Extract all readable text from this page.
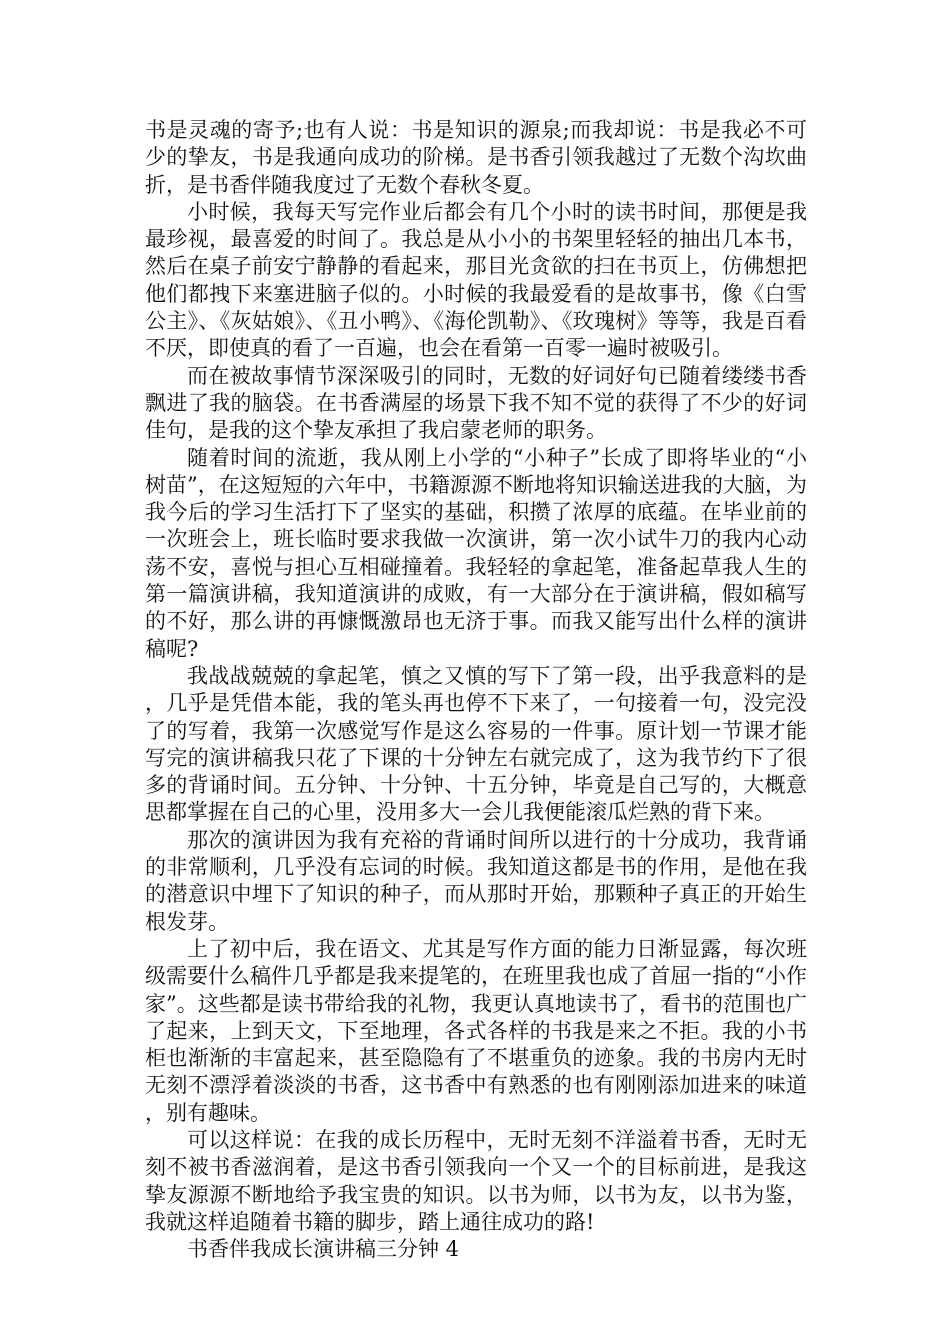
书是灵魂的寄予;也有人说：书是知识的源泉;而我却说：书是我必不可少的挚友，书是我通向成功的阶梯。是书香引领我越过了无数个沟坎曲折，是书香伴随我度过了无数个春秋冬夏。

小时候，我每天写完作业后都会有几个小时的读书时间，那便是我最珍视，最喜爱的时间了。我总是从小小的书架里轻轻的抽出几本书，然后在桌子前安宁静静的看起来，那目光贪欲的扫在书页上，仿佛想把他们都拽下来塞进脑子似的。小时候的我最爱看的是故事书，像《白雪公主》、《灰姑娘》、《丑小鸭》、《海伦凯勒》、《玫瑰树》等等，我是百看不厌，即使真的看了一百遍，也会在看第一百零一遍时被吸引。

而在被故事情节深深吸引的同时，无数的好词好句已随着缕缕书香飘进了我的脑袋。在书香满屋的场景下我不知不觉的获得了不少的好词佳句，是我的这个挚友承担了我启蒙老师的职务。

随着时间的流逝，我从刚上小学的“小种子”长成了即将毕业的“小树苗”，在这短短的六年中，书籍源源不断地将知识输送进我的大脑，为我今后的学习生活打下了坚实的基础，积攒了浓厚的底蕴。在毕业前的一次班会上，班长临时要求我做一次演讲，第一次小试牛刀的我内心动荡不安，喜悦与担心互相碰撞着。我轻轻的拿起笔，准备起草我人生的第一篇演讲稿，我知道演讲的成败，有一大部分在于演讲稿，假如稿写的不好，那么讲的再慷慨激昂也无济于事。而我又能写出什么样的演讲稿呢?

我战战兢兢的拿起笔，慎之又慎的写下了第一段，出乎我意料的是，几乎是凭借本能，我的笔头再也停不下来了，一句接着一句，没完没了的写着，我第一次感觉写作是这么容易的一件事。原计划一节课才能写完的演讲稿我只花了下课的十分钟左右就完成了，这为我节约下了很多的背诵时间。五分钟、十分钟、十五分钟，毕竟是自己写的，大概意思都掌握在自己的心里，没用多大一会儿我便能滚瓜烂熟的背下来。

那次的演讲因为我有充裕的背诵时间所以进行的十分成功，我背诵的非常顺利，几乎没有忘词的时候。我知道这都是书的作用，是他在我的潜意识中埋下了知识的种子，而从那时开始，那颗种子真正的开始生根发芽。

上了初中后，我在语文、尤其是写作方面的能力日渐显露，每次班级需要什么稿件几乎都是我来提笔的，在班里我也成了首屈一指的“小作家”。这些都是读书带给我的礼物，我更认真地读书了，看书的范围也广了起来，上到天文，下至地理，各式各样的书我是来之不拒。我的小书柜也渐渐的丰富起来，甚至隐隐有了不堪重负的迹象。我的书房内无时无刻不漂浮着淡淡的书香，这书香中有熟悉的也有刚刚添加进来的味道，别有趣味。

可以这样说：在我的成长历程中，无时无刻不洋溢着书香，无时无刻不被书香滋润着，是这书香引领我向一个又一个的目标前进，是我这挚友源源不断地给予我宝贵的知识。以书为师，以书为友，以书为鉴，我就这样追随着书籍的脚步，踏上通往成功的路!

书香伴我成长演讲稿三分钟 4
